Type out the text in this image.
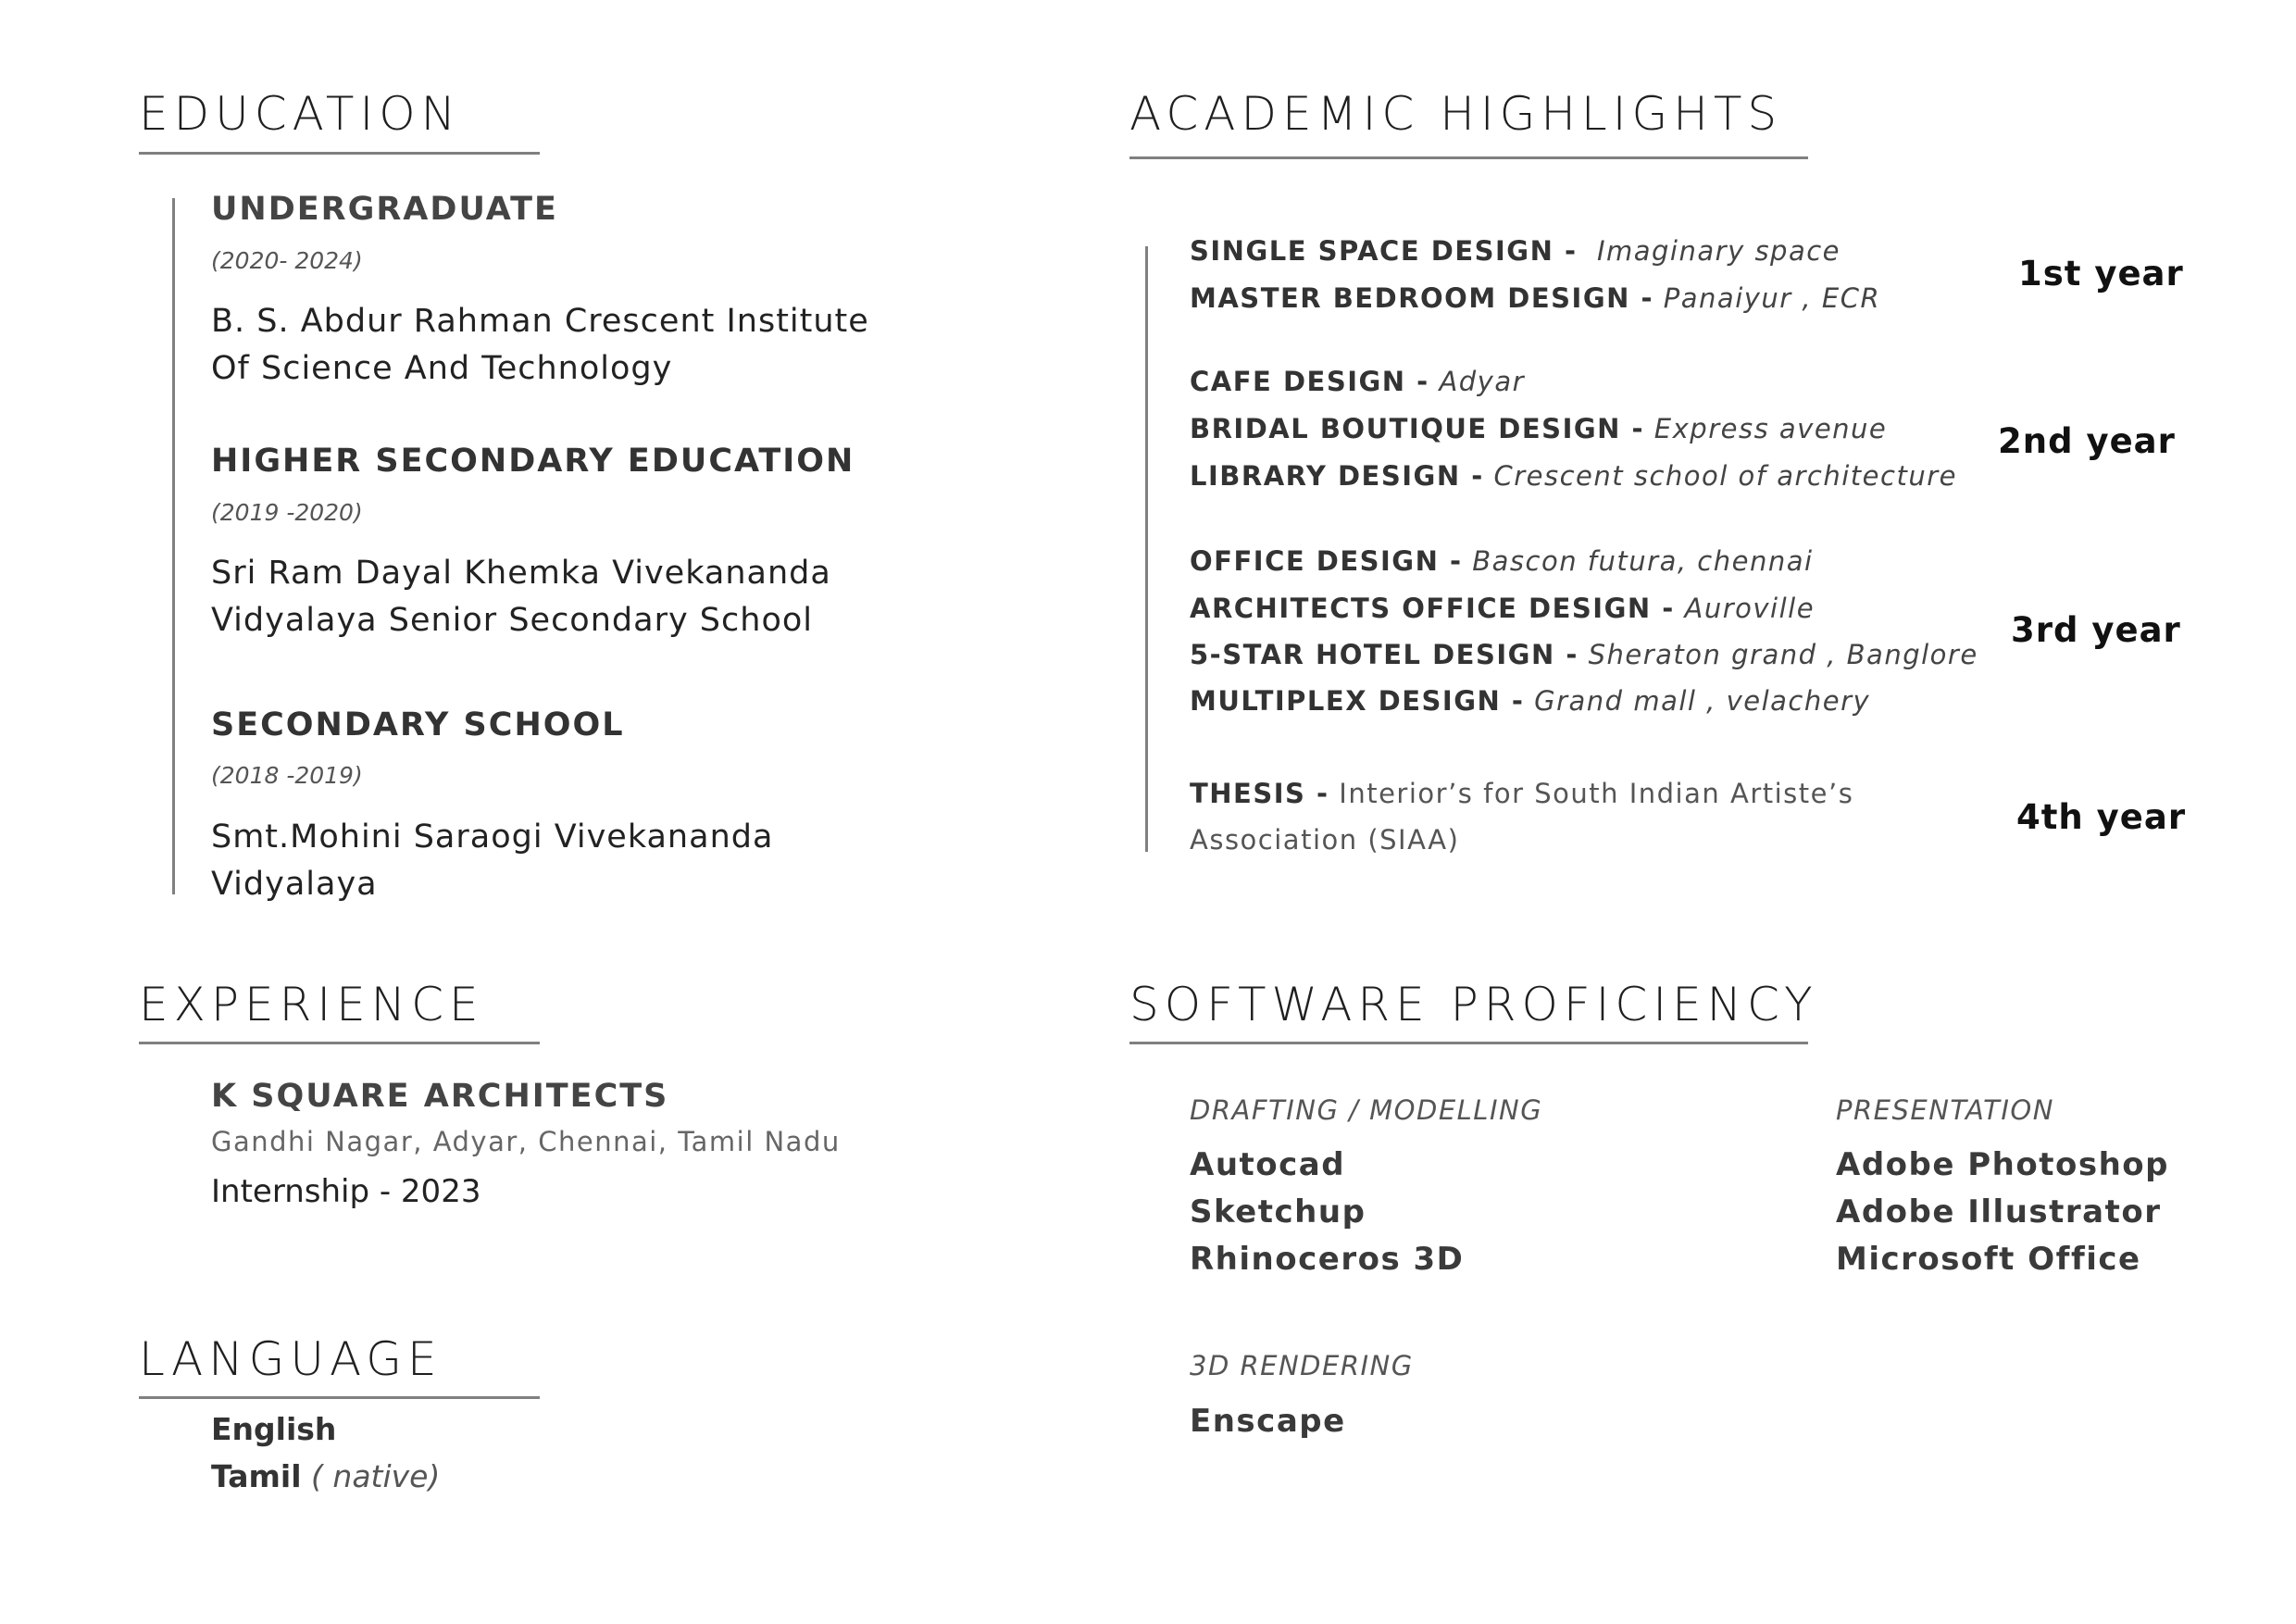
EDUCATION
UNDERGRADUATE
(2020- 2024)
B. S. Abdur Rahman Crescent Institute
Of Science And Technology
HIGHER SECONDARY EDUCATION
(2019 -2020)
Sri Ram Dayal Khemka Vivekananda
Vidyalaya Senior Secondary School
SECONDARY SCHOOL
(2018 -2019)
Smt.Mohini Saraogi Vivekananda
Vidyalaya
EXPERIENCE
K SQUARE ARCHITECTS
Gandhi Nagar, Adyar, Chennai, Tamil Nadu
Internship - 2023
LANGUAGE
English
Tamil ( native)
ACADEMIC HIGHLIGHTS
SINGLE SPACE DESIGN - Imaginary space
MASTER BEDROOM DESIGN - Panaiyur , ECR
1st year
CAFE DESIGN - Adyar
BRIDAL BOUTIQUE DESIGN - Express avenue
LIBRARY DESIGN - Crescent school of architecture
2nd year
OFFICE DESIGN - Bascon futura, chennai
ARCHITECTS OFFICE DESIGN - Auroville
5-STAR HOTEL DESIGN - Sheraton grand , Banglore
MULTIPLEX DESIGN - Grand mall , velachery
3rd year
THESIS - Interior’s for South Indian Artiste’s
Association (SIAA)
4th year
SOFTWARE PROFICIENCY
DRAFTING / MODELLING
Autocad
Sketchup
Rhinoceros 3D
PRESENTATION
Adobe Photoshop
Adobe Illustrator
Microsoft Office
3D RENDERING
Enscape
